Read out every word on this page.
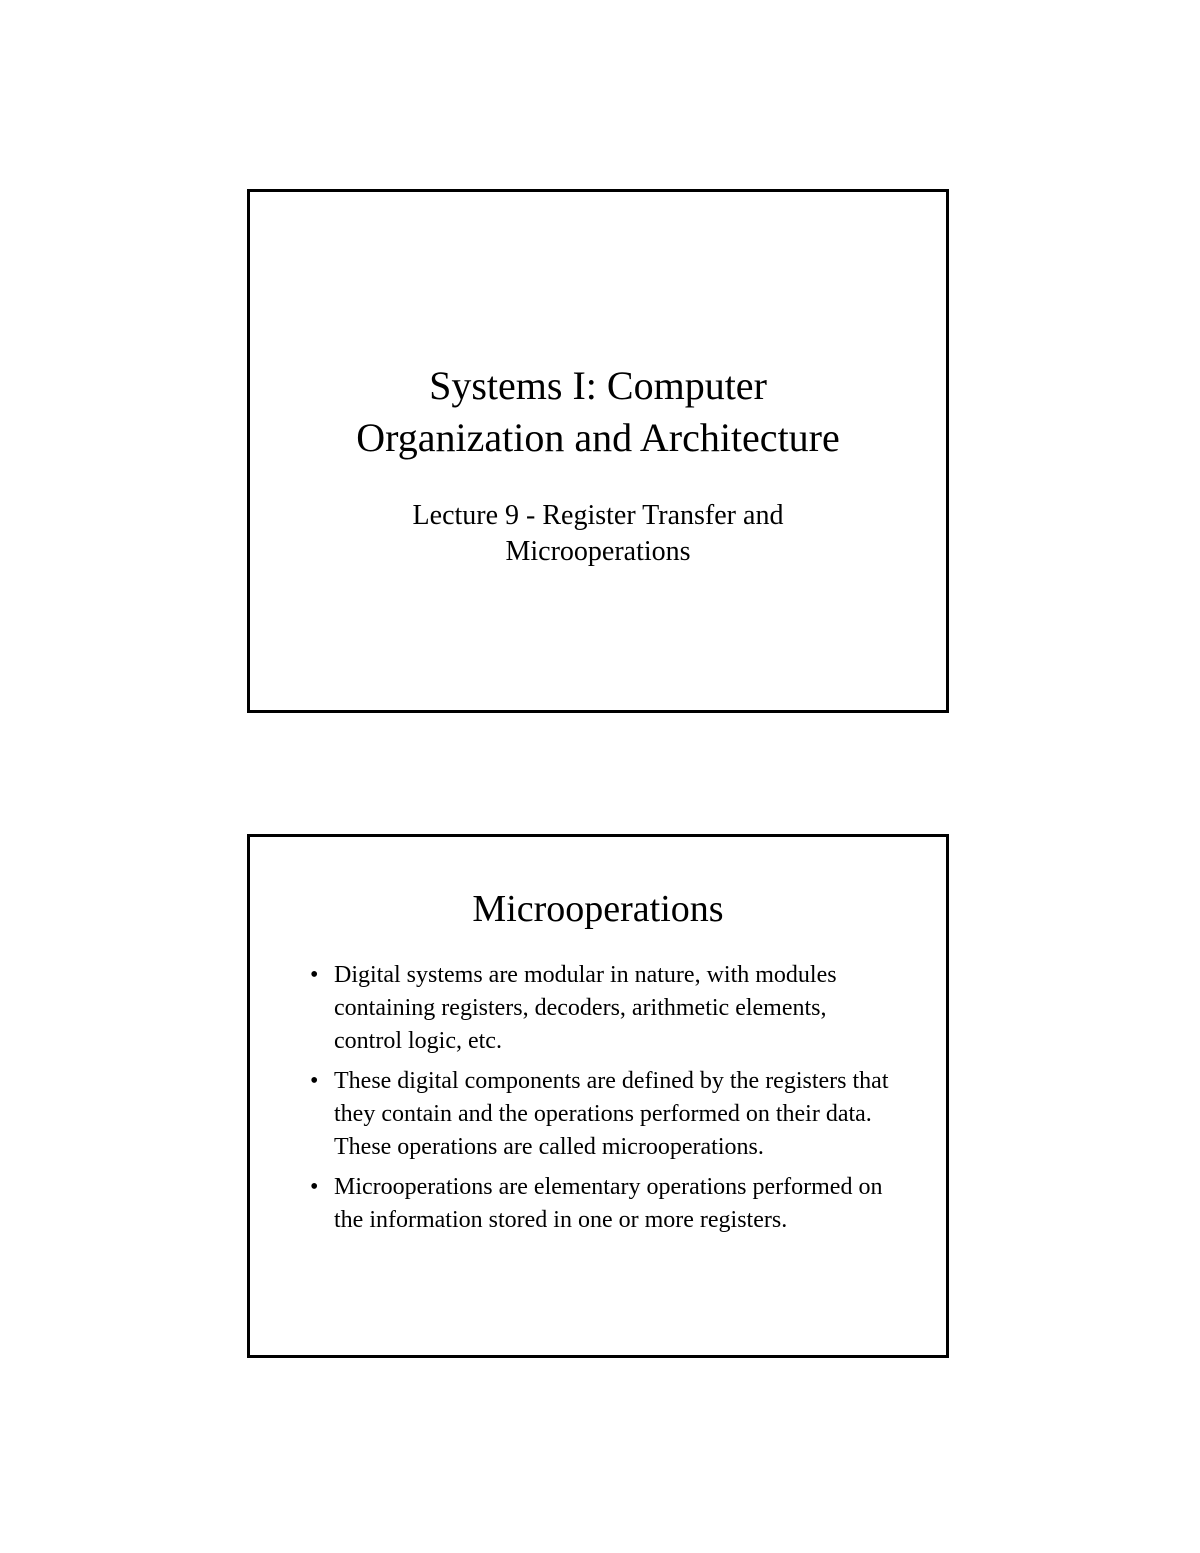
Systems I: Computer
Organization and Architecture
Lecture 9 - Register Transfer and
Microoperations
Microoperations
• Digital systems are modular in nature, with modules containing registers, decoders, arithmetic elements, control logic, etc.
• These digital components are defined by the registers that they contain and the operations performed on their data. These operations are called microoperations.
• Microoperations are elementary operations performed on the information stored in one or more registers.
